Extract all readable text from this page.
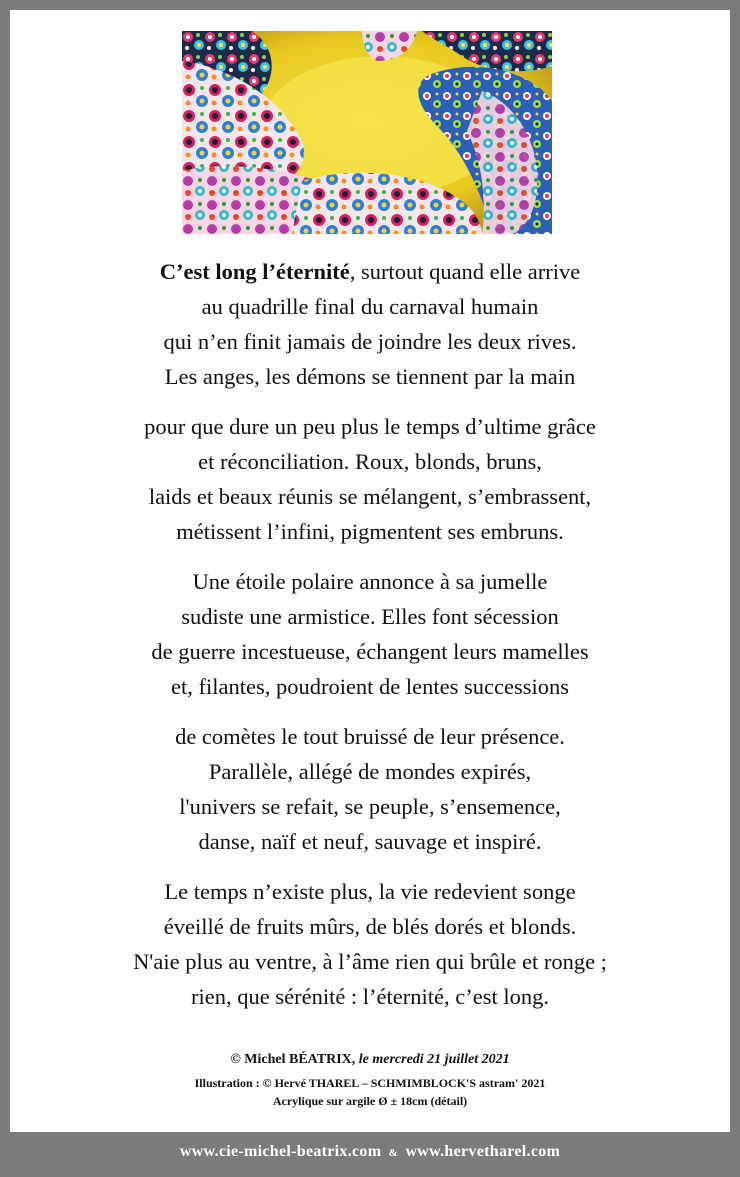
C’est long l’éternité, surtout quand elle arrive
au quadrille final du carnaval humain
qui n’en finit jamais de joindre les deux rives.
Les anges, les démons se tiennent par la main
pour que dure un peu plus le temps d’ultime grâce
et réconciliation. Roux, blonds, bruns,
laids et beaux réunis se mélangent, s’embrassent,
métissent l’infini, pigmentent ses embruns.
Une étoile polaire annonce à sa jumelle
sudiste une armistice. Elles font sécession
de guerre incestueuse, échangent leurs mamelles
et, filantes, poudroient de lentes successions
de comètes le tout bruissé de leur présence.
Parallèle, allégé de mondes expirés,
l'univers se refait, se peuple, s’ensemence,
danse, naïf et neuf, sauvage et inspiré.
Le temps n’existe plus, la vie redevient songe
éveillé de fruits mûrs, de blés dorés et blonds.
N'aie plus au ventre, à l’âme rien qui brûle et ronge ;
rien, que sérénité : l’éternité, c’est long.
© Michel BÉATRIX, le mercredi 21 juillet 2021
Illustration : © Hervé THAREL – SCHMIMBLOCK'S astram' 2021
Acrylique sur argile Ø ± 18cm (détail)
www.cie-michel-beatrix.com & www.hervetharel.com
